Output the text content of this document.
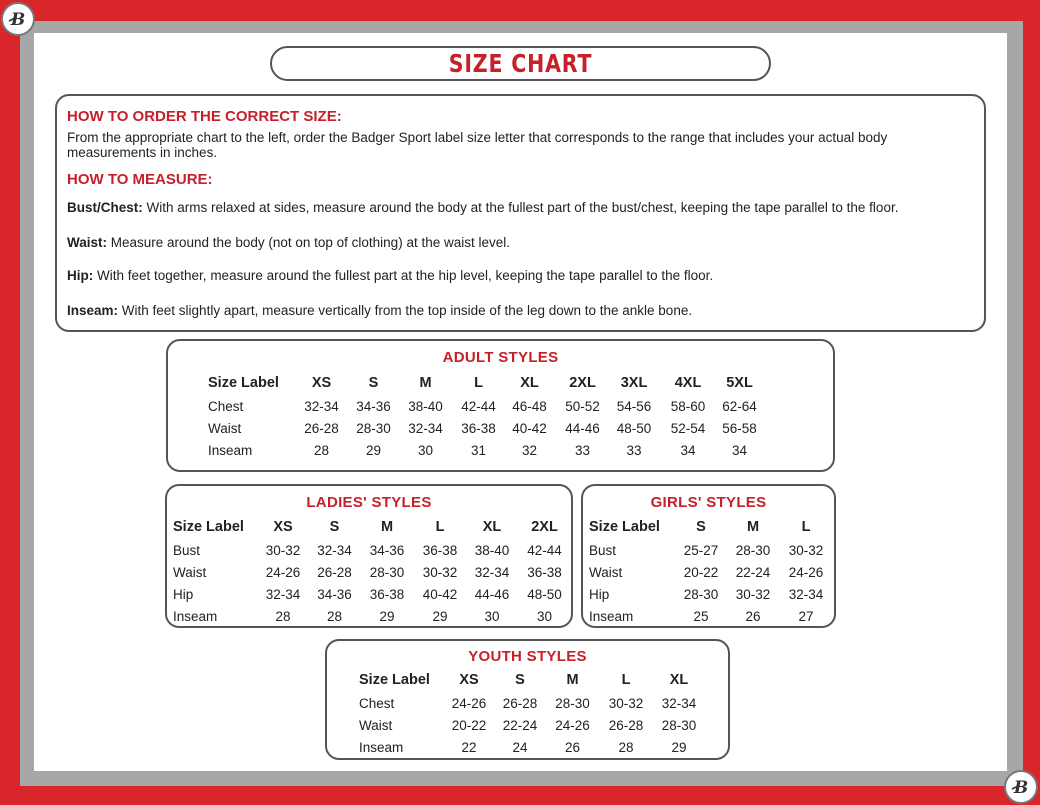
B
B
SIZE CHART
HOW TO ORDER THE CORRECT SIZE:
From the appropriate chart to the left, order the Badger Sport label size letter that corresponds to the range that includes your actual body measurements in inches.
HOW TO MEASURE:
Bust/Chest: With arms relaxed at sides, measure around the body at the fullest part of the bust/chest, keeping the tape parallel to the floor.
Waist: Measure around the body (not on top of clothing) at the waist level.
Hip: With feet together, measure around the fullest part at the hip level, keeping the tape parallel to the floor.
Inseam: With feet slightly apart, measure vertically from the top inside of the leg down to the ankle bone.
ADULT STYLES
Size Label	XS	S	M	L	XL	2XL	3XL	4XL	5XL
Chest	32-34	34-36	38-40	42-44	46-48	50-52	54-56	58-60	62-64
Waist	26-28	28-30	32-34	36-38	40-42	44-46	48-50	52-54	56-58
Inseam	28	29	30	31	32	33	33	34	34
LADIES' STYLES
Size Label	XS	S	M	L	XL	2XL
Bust	30-32	32-34	34-36	36-38	38-40	42-44
Waist	24-26	26-28	28-30	30-32	32-34	36-38
Hip	32-34	34-36	36-38	40-42	44-46	48-50
Inseam	28	28	29	29	30	30
GIRLS' STYLES
Size Label	S	M	L
Bust	25-27	28-30	30-32
Waist	20-22	22-24	24-26
Hip	28-30	30-32	32-34
Inseam	25	26	27
YOUTH STYLES
Size Label	XS	S	M	L	XL
Chest	24-26	26-28	28-30	30-32	32-34
Waist	20-22	22-24	24-26	26-28	28-30
Inseam	22	24	26	28	29
